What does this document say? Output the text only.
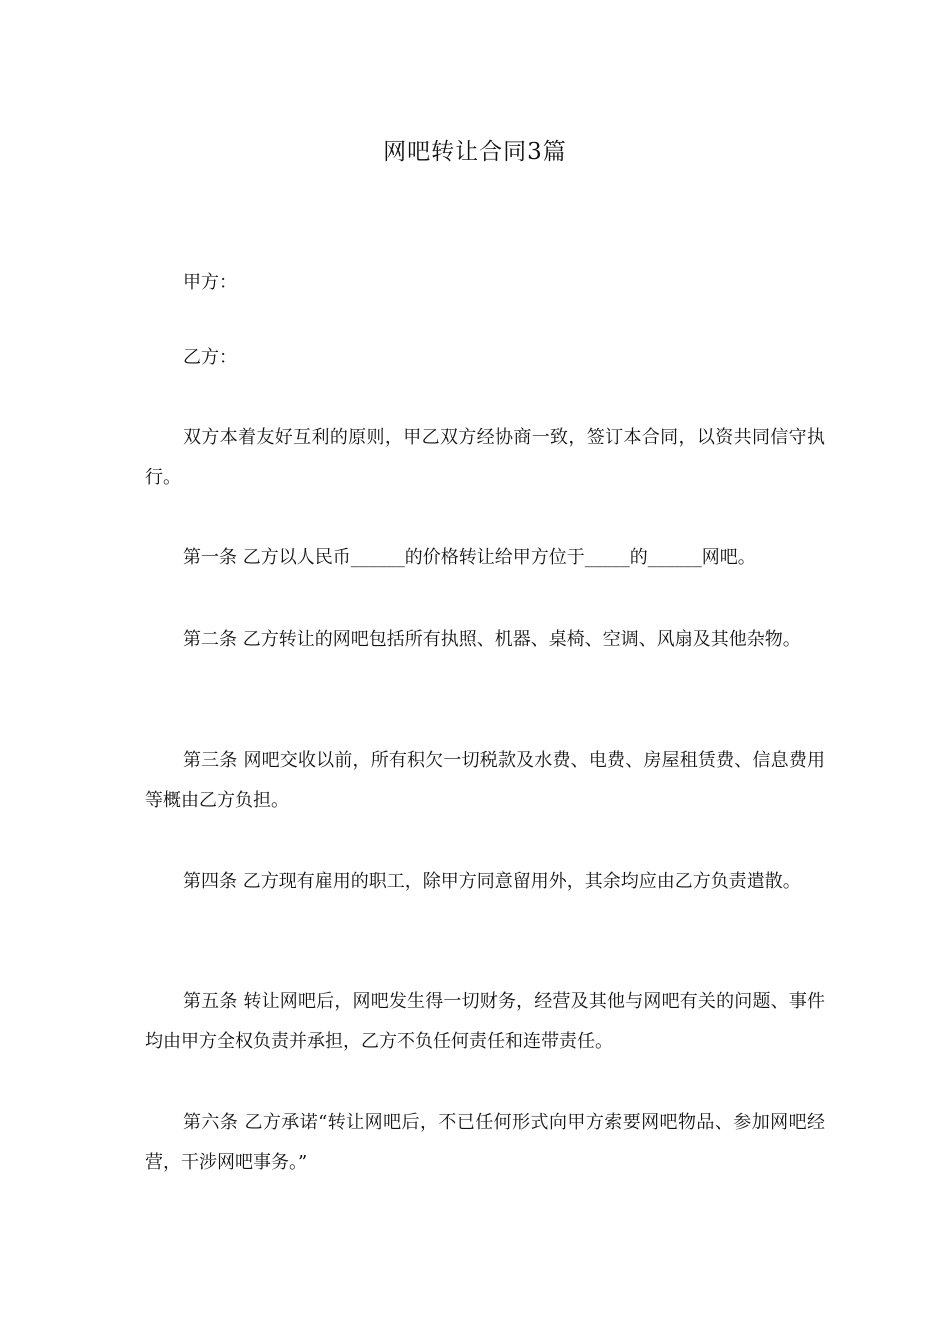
网吧转让合同3篇
甲方：
乙方：
双方本着友好互利的原则，甲乙双方经协商一致，签订本合同，以资共同信守执行。
第一条 乙方以人民币______的价格转让给甲方位于_____的______网吧。
第二条 乙方转让的网吧包括所有执照、机器、桌椅、空调、风扇及其他杂物。
第三条 网吧交收以前，所有积欠一切税款及水费、电费、房屋租赁费、信息费用等概由乙方负担。
第四条 乙方现有雇用的职工，除甲方同意留用外，其余均应由乙方负责遣散。
第五条 转让网吧后，网吧发生得一切财务，经营及其他与网吧有关的问题、事件均由甲方全权负责并承担，乙方不负任何责任和连带责任。
第六条 乙方承诺“转让网吧后，不已任何形式向甲方索要网吧物品、参加网吧经营，干涉网吧事务。”
